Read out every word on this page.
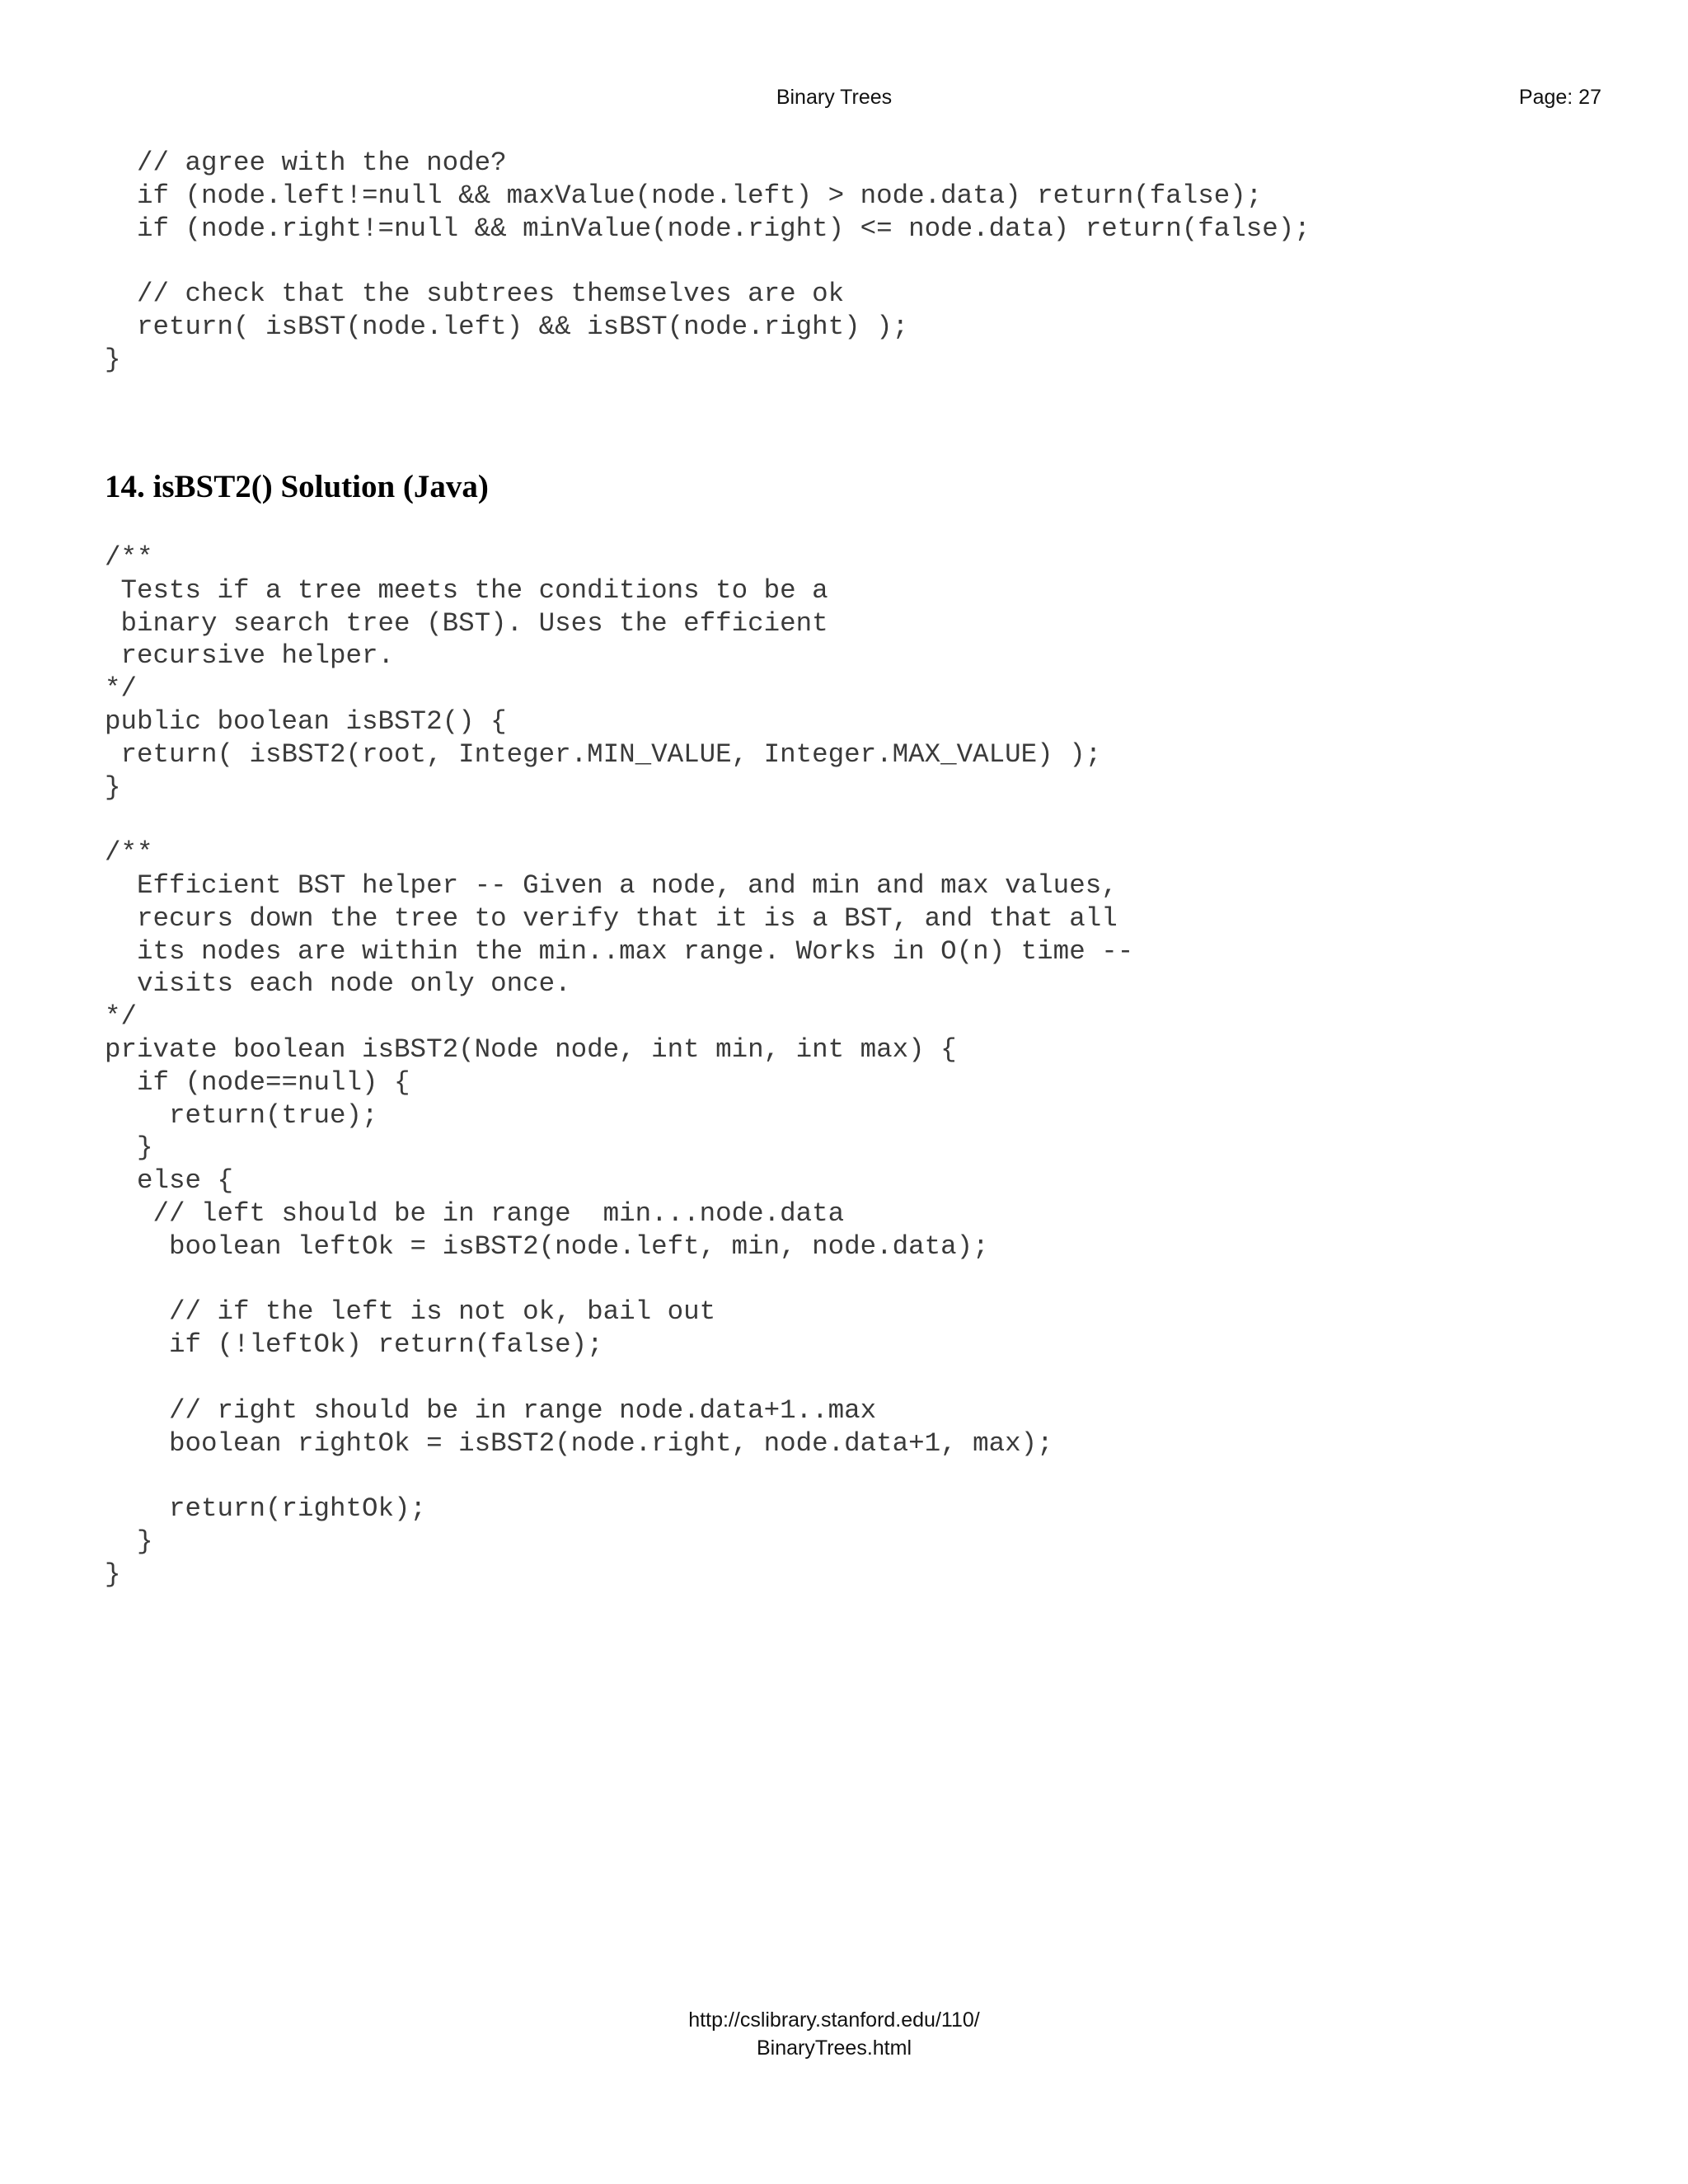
Binary Trees	Page: 27
// agree with the node?
if (node.left!=null && maxValue(node.left) > node.data) return(false);
if (node.right!=null && minValue(node.right) <= node.data) return(false);

// check that the subtrees themselves are ok
return( isBST(node.left) && isBST(node.right) );
}
14. isBST2() Solution (Java)
/**
Tests if a tree meets the conditions to be a
binary search tree (BST). Uses the efficient
recursive helper.
*/
public boolean isBST2() {
return( isBST2(root, Integer.MIN_VALUE, Integer.MAX_VALUE) );
}

/**
Efficient BST helper -- Given a node, and min and max values,
recurs down the tree to verify that it is a BST, and that all
its nodes are within the min..max range. Works in O(n) time --
visits each node only once.
*/
private boolean isBST2(Node node, int min, int max) {
if (node==null) {
return(true);
}
else {
// left should be in range  min...node.data
boolean leftOk = isBST2(node.left, min, node.data);

// if the left is not ok, bail out
if (!leftOk) return(false);

// right should be in range node.data+1..max
boolean rightOk = isBST2(node.right, node.data+1, max);

return(rightOk);
}
}
http://cslibrary.stanford.edu/110/
BinaryTrees.html
